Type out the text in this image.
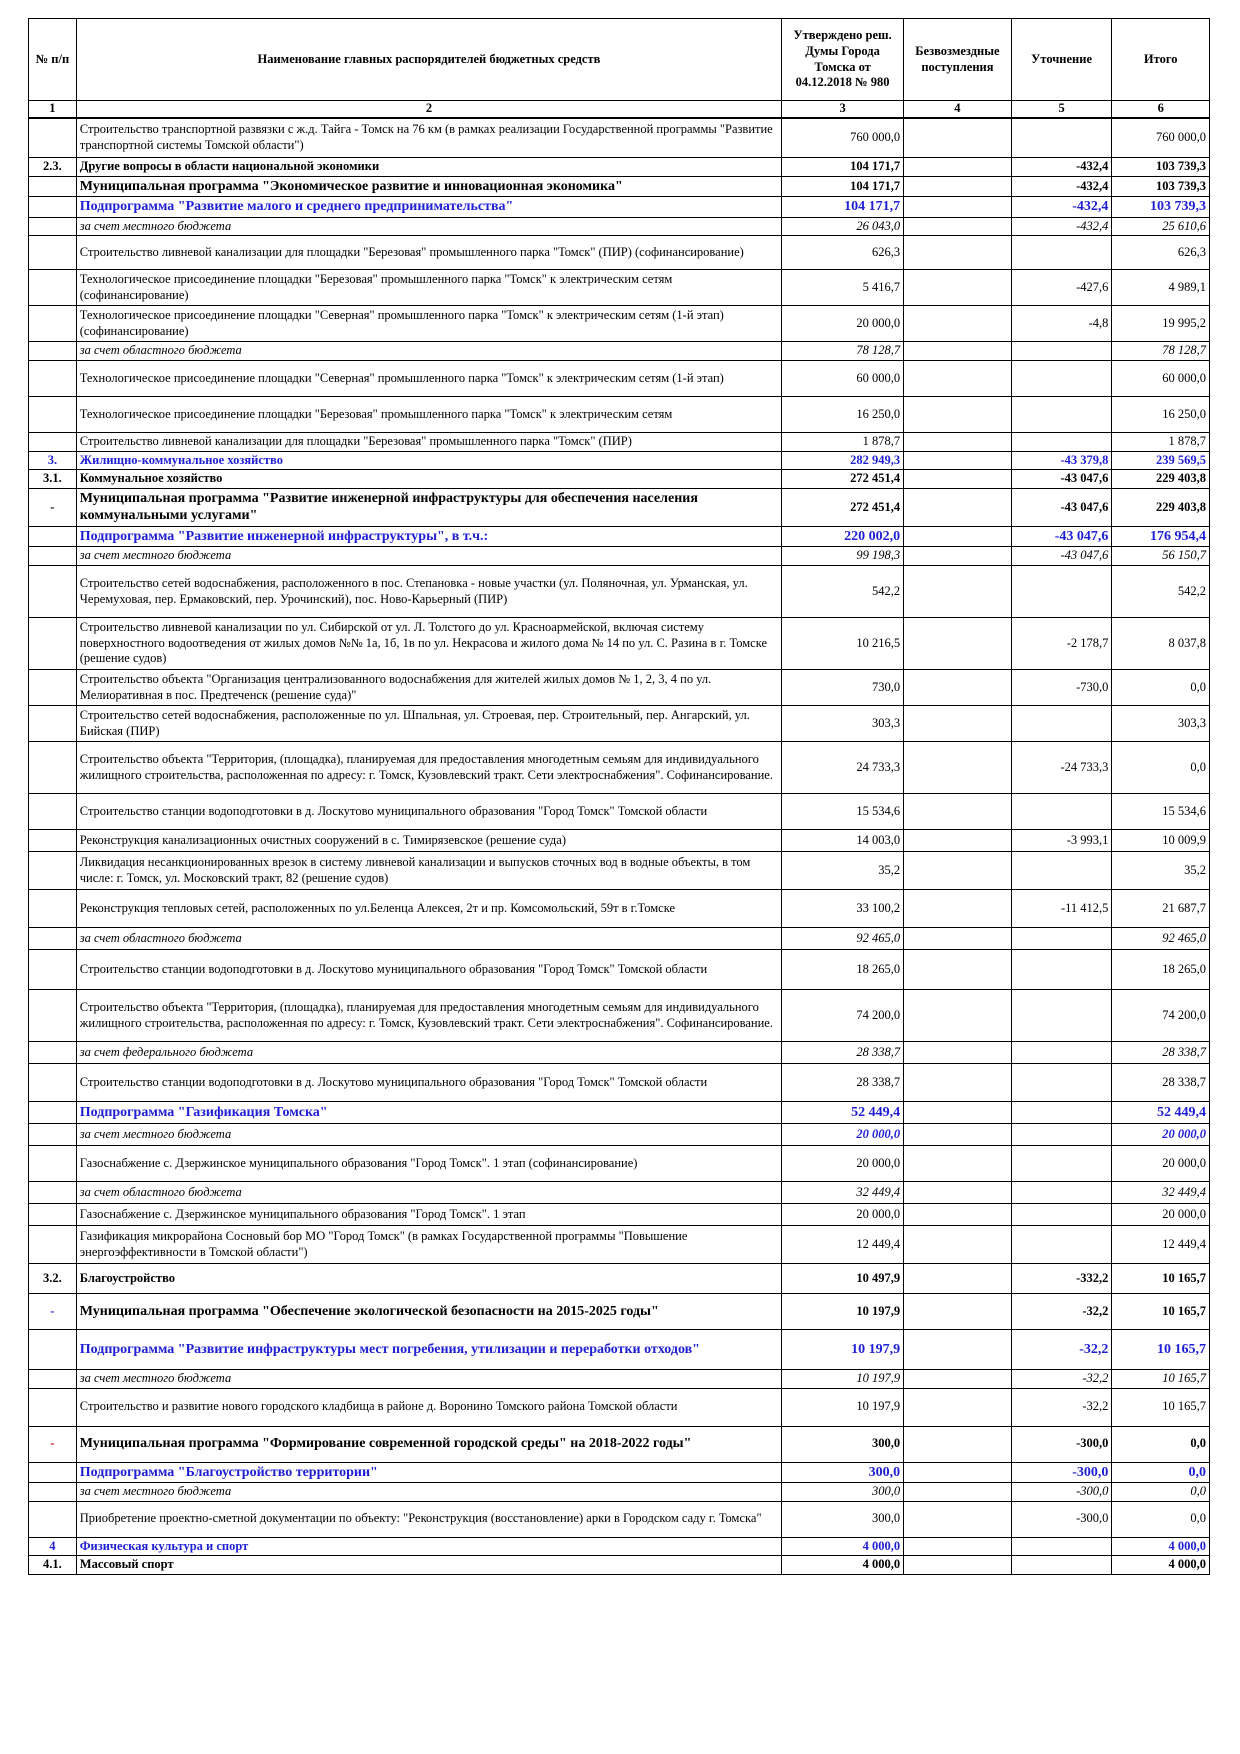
№ п/п	Наименование главных распорядителей бюджетных средств	Утверждено реш. Думы Города Томска от 04.12.2018 № 980	Безвозмездные поступления	Уточнение	Итого
1	2	3	4	5	6
	Строительство транспортной развязки с ж.д. Тайга - Томск на 76 км (в рамках реализации Государственной программы "Развитие транспортной системы Томской области")	760 000,0			760 000,0
2.3.	Другие вопросы в области национальной экономики	104 171,7		-432,4	103 739,3
	Муниципальная программа "Экономическое развитие и инновационная экономика"	104 171,7		-432,4	103 739,3
	Подпрограмма "Развитие малого и среднего предпринимательства"	104 171,7		-432,4	103 739,3
	за счет местного бюджета	26 043,0		-432,4	25 610,6
	Строительство ливневой канализации для площадки "Березовая" промышленного парка "Томск" (ПИР) (софинансирование)	626,3			626,3
	Технологическое присоединение площадки "Березовая" промышленного парка "Томск" к электрическим сетям (софинансирование)	5 416,7		-427,6	4 989,1
	Технологическое присоединение площадки "Северная" промышленного парка "Томск" к электрическим сетям (1-й этап) (софинансирование)	20 000,0		-4,8	19 995,2
	за счет областного бюджета	78 128,7			78 128,7
	Технологическое присоединение площадки "Северная" промышленного парка "Томск" к электрическим сетям (1-й этап)	60 000,0			60 000,0
	Технологическое присоединение площадки "Березовая" промышленного парка "Томск" к электрическим сетям	16 250,0			16 250,0
	Строительство ливневой канализации для площадки "Березовая" промышленного парка "Томск" (ПИР)	1 878,7			1 878,7
3.	Жилищно-коммунальное хозяйство	282 949,3		-43 379,8	239 569,5
3.1.	Коммунальное хозяйство	272 451,4		-43 047,6	229 403,8
-	Муниципальная программа "Развитие инженерной инфраструктуры для обеспечения населения коммунальными услугами"	272 451,4		-43 047,6	229 403,8
	Подпрограмма "Развитие инженерной инфраструктуры", в т.ч.:	220 002,0		-43 047,6	176 954,4
	за счет местного бюджета	99 198,3		-43 047,6	56 150,7
	Строительство сетей водоснабжения, расположенного в пос. Степановка - новые участки (ул. Поляночная, ул. Урманская, ул. Черемуховая, пер. Ермаковский, пер. Урочинский), пос. Ново-Карьерный (ПИР)	542,2			542,2
	Строительство ливневой канализации по ул. Сибирской от ул. Л. Толстого до ул. Красноармейской, включая систему поверхностного водоотведения от жилых домов №№ 1а, 1б, 1в по ул. Некрасова и жилого дома № 14 по ул. С. Разина в г. Томске (решение судов)	10 216,5		-2 178,7	8 037,8
	Строительство объекта "Организация централизованного водоснабжения для жителей жилых домов № 1, 2, 3, 4 по ул. Мелиоративная в пос. Предтеченск (решение суда)"	730,0		-730,0	0,0
	Строительство сетей водоснабжения, расположенные по ул. Шпальная, ул. Строевая, пер. Строительный, пер. Ангарский, ул. Бийская (ПИР)	303,3			303,3
	Строительство объекта "Территория, (площадка), планируемая для предоставления многодетным семьям для индивидуального жилищного строительства, расположенная по адресу: г. Томск, Кузовлевский тракт. Сети электроснабжения". Софинансирование.	24 733,3		-24 733,3	0,0
	Строительство станции водоподготовки в д. Лоскутово муниципального образования "Город Томск" Томской области	15 534,6			15 534,6
	Реконструкция канализационных очистных сооружений в с. Тимирязевское (решение суда)	14 003,0		-3 993,1	10 009,9
	Ликвидация несанкционированных врезок в систему ливневой канализации и выпусков сточных вод в водные объекты, в том числе: г. Томск, ул. Московский тракт, 82 (решение судов)	35,2			35,2
	Реконструкция тепловых сетей, расположенных по ул.Беленца Алексея, 2т и пр. Комсомольский, 59т в г.Томске	33 100,2		-11 412,5	21 687,7
	за счет областного бюджета	92 465,0			92 465,0
	Строительство станции водоподготовки в д. Лоскутово муниципального образования "Город Томск" Томской области	18 265,0			18 265,0
	Строительство объекта "Территория, (площадка), планируемая для предоставления многодетным семьям для индивидуального жилищного строительства, расположенная по адресу: г. Томск, Кузовлевский тракт. Сети электроснабжения". Софинансирование.	74 200,0			74 200,0
	за счет федерального бюджета	28 338,7			28 338,7
	Строительство станции водоподготовки в д. Лоскутово муниципального образования "Город Томск" Томской области	28 338,7			28 338,7
	Подпрограмма "Газификация Томска"	52 449,4			52 449,4
	за счет местного бюджета	20 000,0			20 000,0
	Газоснабжение с. Дзержинское муниципального образования "Город Томск". 1 этап (софинансирование)	20 000,0			20 000,0
	за счет областного бюджета	32 449,4			32 449,4
	Газоснабжение с. Дзержинское муниципального образования "Город Томск". 1 этап	20 000,0			20 000,0
	Газификация микрорайона Сосновый бор МО "Город Томск" (в рамках Государственной программы "Повышение энергоэффективности в Томской области")	12 449,4			12 449,4
3.2.	Благоустройство	10 497,9		-332,2	10 165,7
-	Муниципальная программа "Обеспечение экологической безопасности на 2015-2025 годы"	10 197,9		-32,2	10 165,7
	Подпрограмма "Развитие инфраструктуры мест погребения, утилизации и переработки отходов"	10 197,9		-32,2	10 165,7
	за счет местного бюджета	10 197,9		-32,2	10 165,7
	Строительство и развитие нового городского кладбища в районе д. Воронино Томского района Томской области	10 197,9		-32,2	10 165,7
-	Муниципальная программа "Формирование современной городской среды" на 2018-2022 годы"	300,0		-300,0	0,0
	Подпрограмма "Благоустройство территории"	300,0		-300,0	0,0
	за счет местного бюджета	300,0		-300,0	0,0
	Приобретение проектно-сметной документации по объекту: "Реконструкция (восстановление) арки в Городском саду г. Томска"	300,0		-300,0	0,0
4	Физическая культура и спорт	4 000,0			4 000,0
4.1.	Массовый спорт	4 000,0			4 000,0
